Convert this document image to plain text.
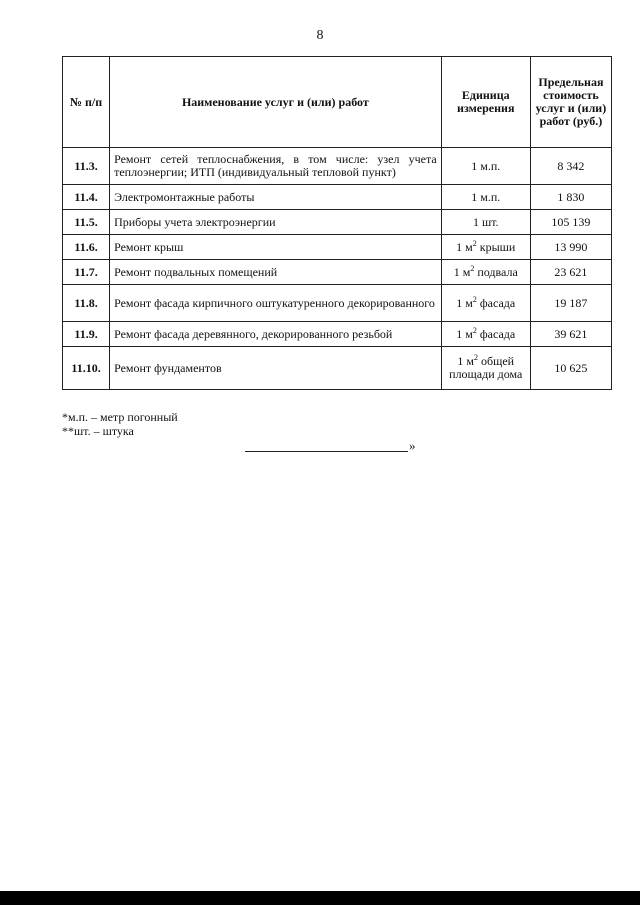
8
№ п/п	Наименование услуг и (или) работ	Единица измерения	Предельная стоимость услуг и (или) работ (руб.)
11.3.	Ремонт сетей теплоснабжения, в том числе: узел учета теплоэнергии; ИТП (индивидуальный тепловой пункт)	1 м.п.	8 342
11.4.	Электромонтажные работы	1 м.п.	1 830
11.5.	Приборы учета электроэнергии	1 шт.	105 139
11.6.	Ремонт крыш	1 $м^2$ крыши	13 990
11.7.	Ремонт подвальных помещений	1 $м^2$ подвала	23 621
11.8.	Ремонт фасада кирпичного оштукатуренного декорированного	1 $м^2$ фасада	19 187
11.9.	Ремонт фасада деревянного, декорированного резьбой	1 $м^2$ фасада	39 621
11.10.	Ремонт фундаментов	1 $м^2$ общей площади дома	10 625
*м.п. – метр погонный
**шт. – штука
»
